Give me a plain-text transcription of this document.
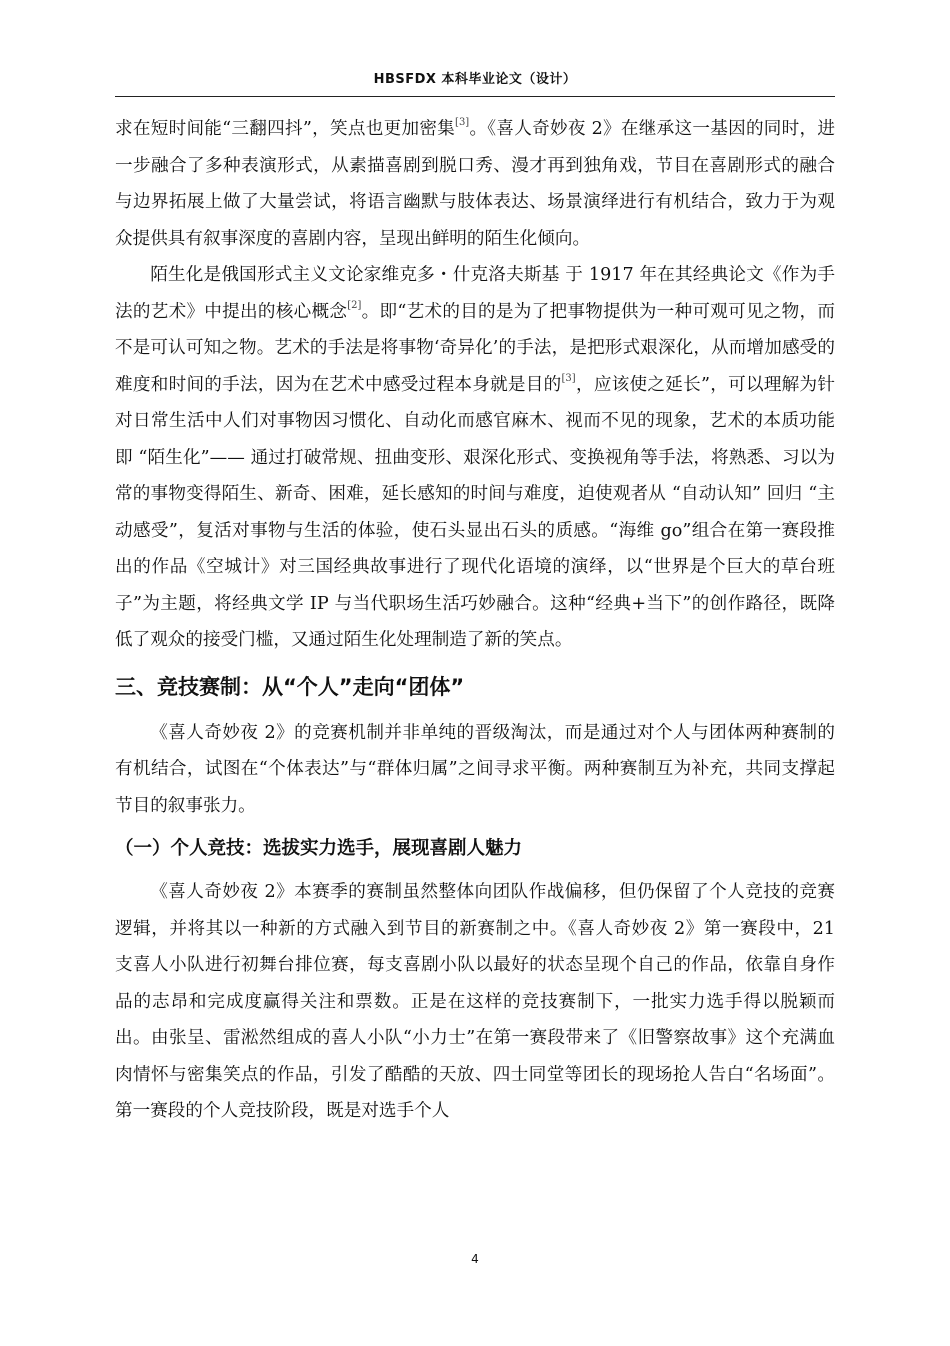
HBSFDX 本科毕业论文（设计）

求在短时间能“三翻四抖”，笑点也更加密集[3]。《喜人奇妙夜 2》在继承这一基因的同时，进一步融合了多种表演形式，从素描喜剧到脱口秀、漫才再到独角戏，节目在喜剧形式的融合与边界拓展上做了大量尝试，将语言幽默与肢体表达、场景演绎进行有机结合，致力于为观众提供具有叙事深度的喜剧内容，呈现出鲜明的陌生化倾向。

陌生化是俄国形式主义文论家维克多・什克洛夫斯基 于 1917 年在其经典论文《作为手法的艺术》中提出的核心概念[2]。即“艺术的目的是为了把事物提供为一种可观可见之物，而不是可认可知之物。艺术的手法是将事物‘奇异化’的手法，是把形式艰深化，从而增加感受的难度和时间的手法，因为在艺术中感受过程本身就是目的[3]，应该使之延长”，可以理解为针对日常生活中人们对事物因习惯化、自动化而感官麻木、视而不见的现象，艺术的本质功能即 “陌生化”—— 通过打破常规、扭曲变形、艰深化形式、变换视角等手法，将熟悉、习以为常的事物变得陌生、新奇、困难，延长感知的时间与难度，迫使观者从 “自动认知” 回归 “主动感受”，复活对事物与生活的体验，使石头显出石头的质感。“海维 go”组合在第一赛段推出的作品《空城计》对三国经典故事进行了现代化语境的演绎，以“世界是个巨大的草台班子”为主题，将经典文学 IP 与当代职场生活巧妙融合。这种“经典+当下”的创作路径，既降低了观众的接受门槛，又通过陌生化处理制造了新的笑点。

三、竞技赛制：从“个人”走向“团体”

《喜人奇妙夜 2》的竞赛机制并非单纯的晋级淘汰，而是通过对个人与团体两种赛制的有机结合，试图在“个体表达”与“群体归属”之间寻求平衡。两种赛制互为补充，共同支撑起节目的叙事张力。

（一）个人竞技：选拔实力选手，展现喜剧人魅力

《喜人奇妙夜 2》本赛季的赛制虽然整体向团队作战偏移，但仍保留了个人竞技的竞赛逻辑，并将其以一种新的方式融入到节目的新赛制之中。《喜人奇妙夜 2》第一赛段中，21 支喜人小队进行初舞台排位赛，每支喜剧小队以最好的状态呈现个自己的作品，依靠自身作品的志昂和完成度赢得关注和票数。正是在这样的竞技赛制下，一批实力选手得以脱颖而出。由张呈、雷淞然组成的喜人小队“小力士”在第一赛段带来了《旧警察故事》这个充满血肉情怀与密集笑点的作品，引发了酷酷的天放、四士同堂等团长的现场抢人告白“名场面”。第一赛段的个人竞技阶段，既是对选手个人

4
